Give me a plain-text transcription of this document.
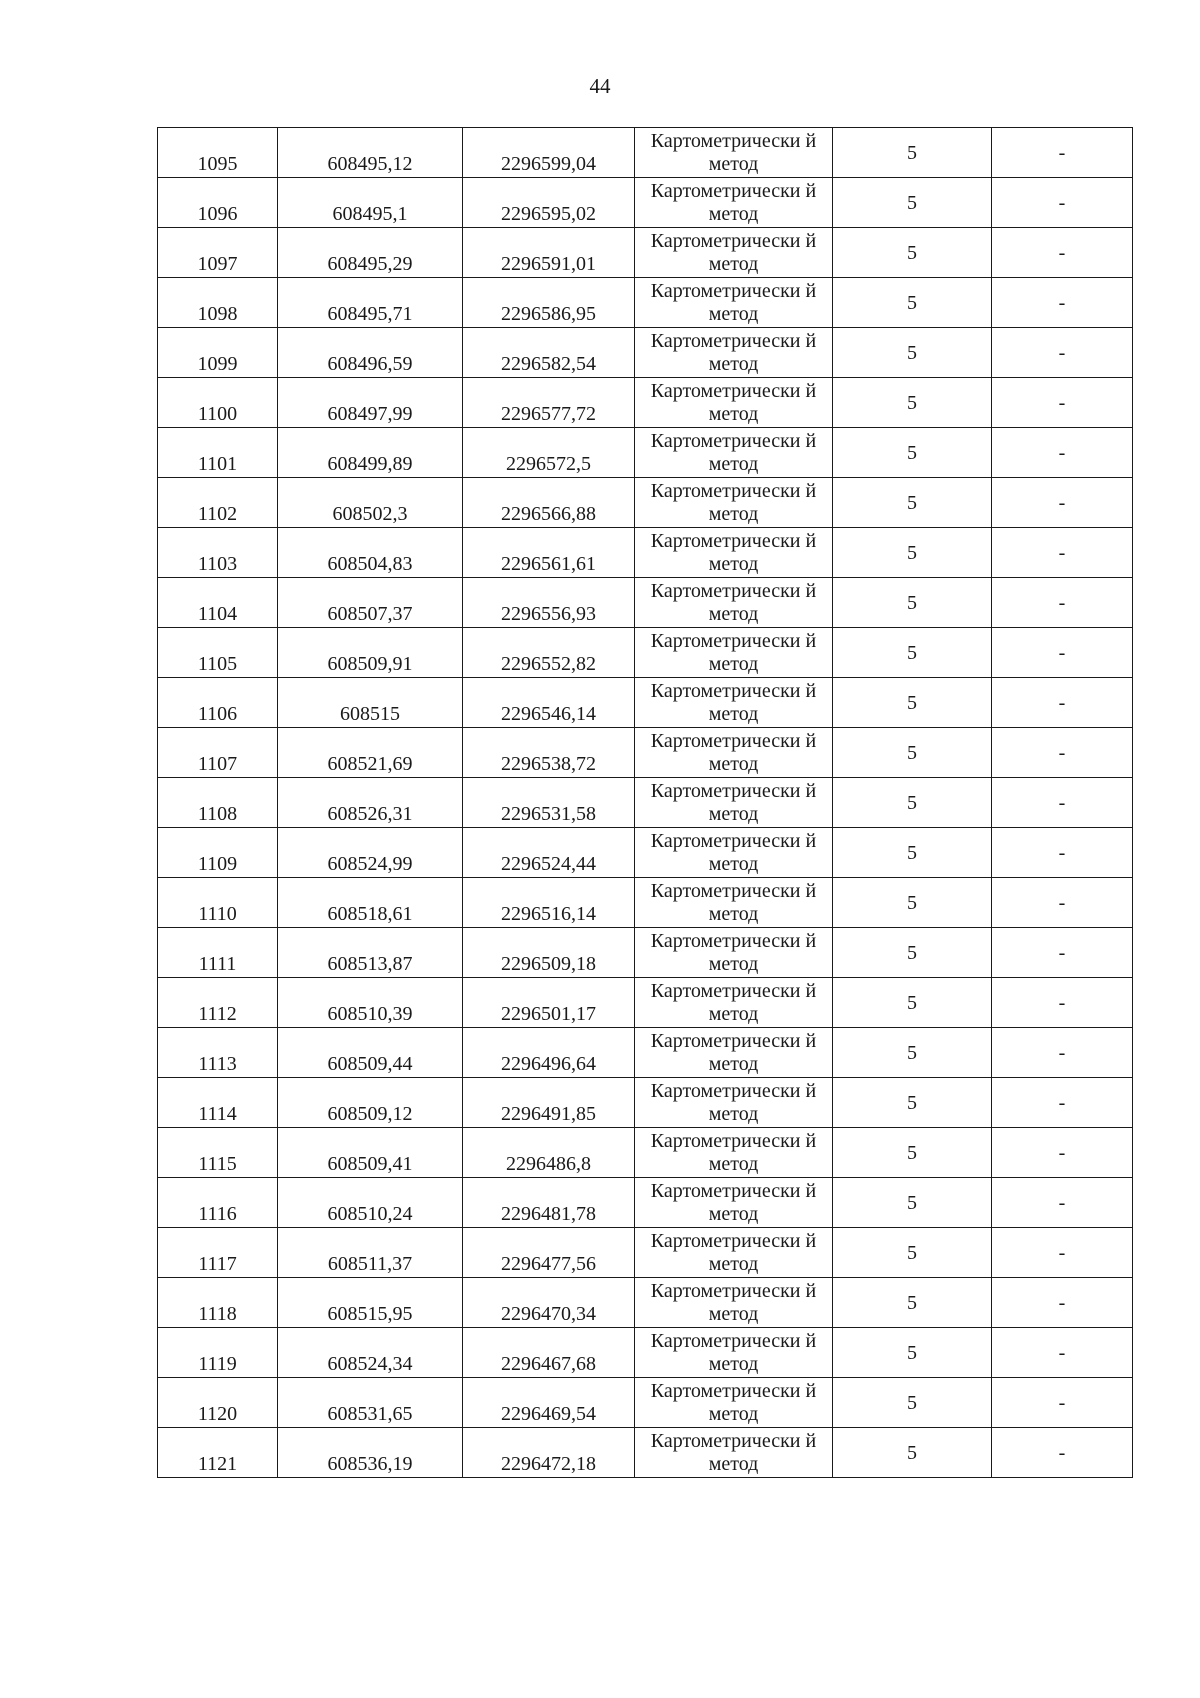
44
1095	608495,12	2296599,04	Картометрически й метод	5	-
1096	608495,1	2296595,02	Картометрически й метод	5	-
1097	608495,29	2296591,01	Картометрически й метод	5	-
1098	608495,71	2296586,95	Картометрически й метод	5	-
1099	608496,59	2296582,54	Картометрически й метод	5	-
1100	608497,99	2296577,72	Картометрически й метод	5	-
1101	608499,89	2296572,5	Картометрически й метод	5	-
1102	608502,3	2296566,88	Картометрически й метод	5	-
1103	608504,83	2296561,61	Картометрически й метод	5	-
1104	608507,37	2296556,93	Картометрически й метод	5	-
1105	608509,91	2296552,82	Картометрически й метод	5	-
1106	608515	2296546,14	Картометрически й метод	5	-
1107	608521,69	2296538,72	Картометрически й метод	5	-
1108	608526,31	2296531,58	Картометрически й метод	5	-
1109	608524,99	2296524,44	Картометрически й метод	5	-
1110	608518,61	2296516,14	Картометрически й метод	5	-
1111	608513,87	2296509,18	Картометрически й метод	5	-
1112	608510,39	2296501,17	Картометрически й метод	5	-
1113	608509,44	2296496,64	Картометрически й метод	5	-
1114	608509,12	2296491,85	Картометрически й метод	5	-
1115	608509,41	2296486,8	Картометрически й метод	5	-
1116	608510,24	2296481,78	Картометрически й метод	5	-
1117	608511,37	2296477,56	Картометрически й метод	5	-
1118	608515,95	2296470,34	Картометрически й метод	5	-
1119	608524,34	2296467,68	Картометрически й метод	5	-
1120	608531,65	2296469,54	Картометрически й метод	5	-
1121	608536,19	2296472,18	Картометрически й метод	5	-
